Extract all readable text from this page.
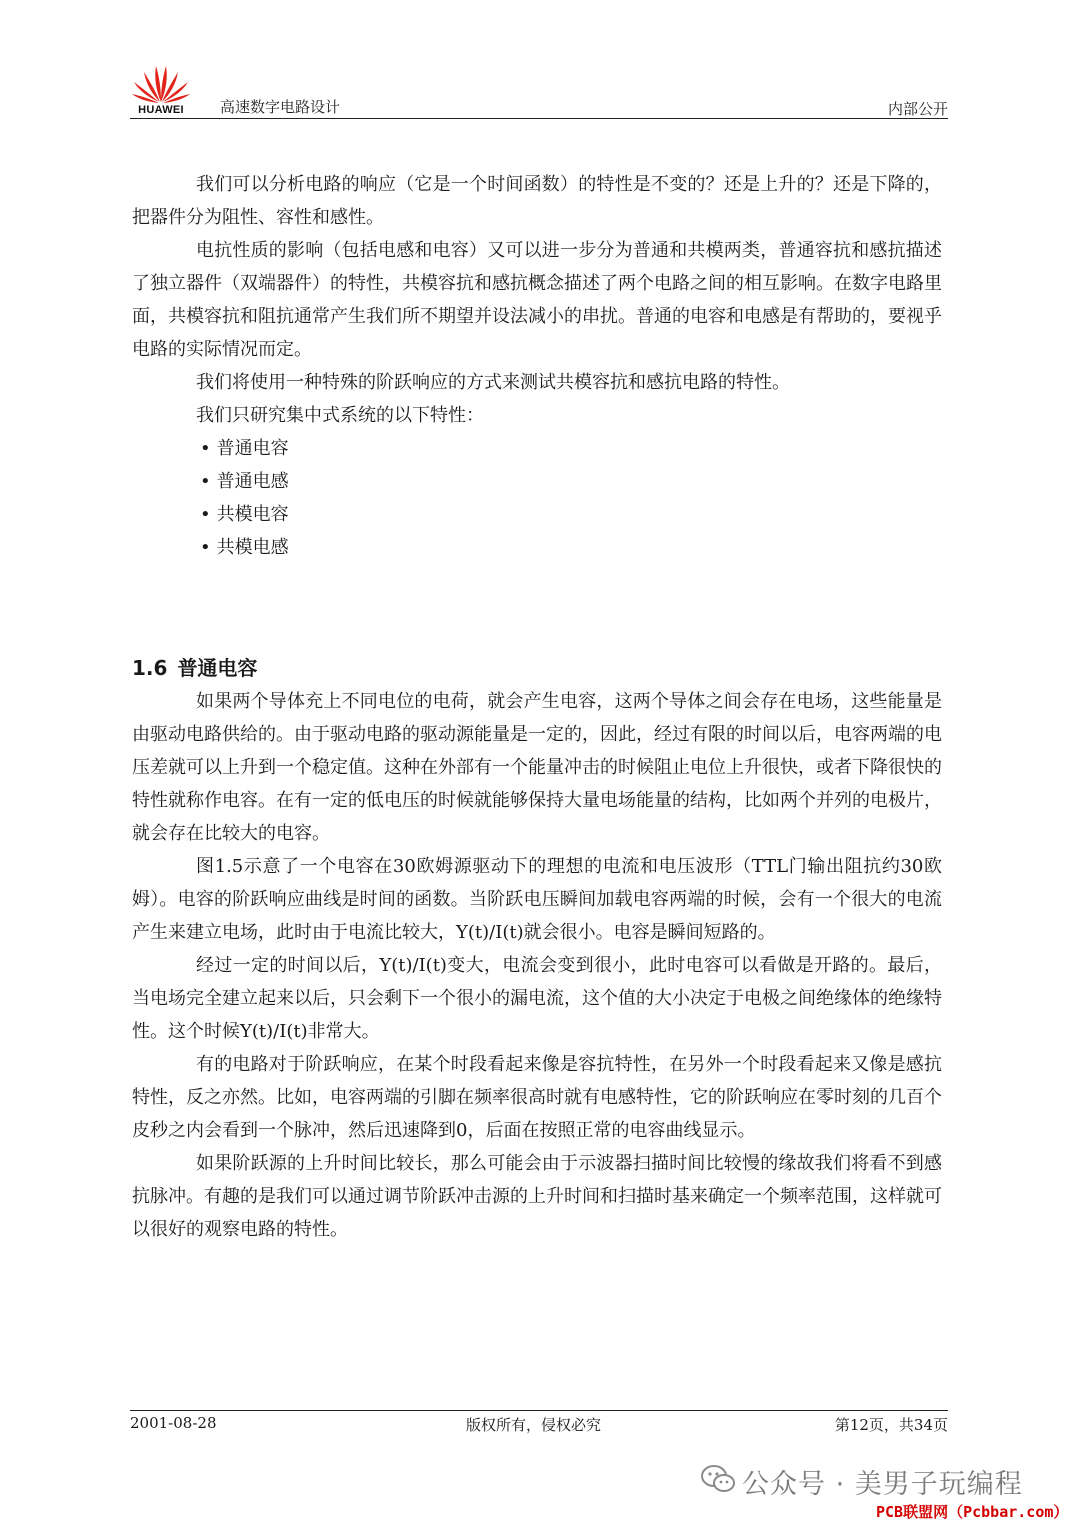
HUAWEI	高速数字电路设计	内部公开

我们可以分析电路的响应（它是一个时间函数）的特性是不变的？还是上升的？还是下降的，把器件分为阻性、容性和感性。

电抗性质的影响（包括电感和电容）又可以进一步分为普通和共模两类，普通容抗和感抗描述了独立器件（双端器件）的特性，共模容抗和感抗概念描述了两个电路之间的相互影响。在数字电路里面，共模容抗和阻抗通常产生我们所不期望并设法减小的串扰。普通的电容和电感是有帮助的，要视乎电路的实际情况而定。

我们将使用一种特殊的阶跃响应的方式来测试共模容抗和感抗电路的特性。

我们只研究集中式系统的以下特性：

• 普通电容
• 普通电感
• 共模电容
• 共模电感
1.6 普通电容

如果两个导体充上不同电位的电荷，就会产生电容，这两个导体之间会存在电场，这些能量是由驱动电路供给的。由于驱动电路的驱动源能量是一定的，因此，经过有限的时间以后，电容两端的电压差就可以上升到一个稳定值。这种在外部有一个能量冲击的时候阻止电位上升很快，或者下降很快的特性就称作电容。在有一定的低电压的时候就能够保持大量电场能量的结构，比如两个并列的电极片，就会存在比较大的电容。

图1.5示意了一个电容在30欧姆源驱动下的理想的电流和电压波形（TTL门输出阻抗约30欧姆）。电容的阶跃响应曲线是时间的函数。当阶跃电压瞬间加载电容两端的时候，会有一个很大的电流产生来建立电场，此时由于电流比较大，Y(t)/I(t)就会很小。电容是瞬间短路的。

经过一定的时间以后，Y(t)/I(t)变大，电流会变到很小，此时电容可以看做是开路的。最后，当电场完全建立起来以后，只会剩下一个很小的漏电流，这个值的大小决定于电极之间绝缘体的绝缘特性。这个时候Y(t)/I(t)非常大。

有的电路对于阶跃响应，在某个时段看起来像是容抗特性，在另外一个时段看起来又像是感抗特性，反之亦然。比如，电容两端的引脚在频率很高时就有电感特性，它的阶跃响应在零时刻的几百个皮秒之内会看到一个脉冲，然后迅速降到0，后面在按照正常的电容曲线显示。

如果阶跃源的上升时间比较长，那么可能会由于示波器扫描时间比较慢的缘故我们将看不到感抗脉冲。有趣的是我们可以通过调节阶跃冲击源的上升时间和扫描时基来确定一个频率范围，这样就可以很好的观察电路的特性。

2001-08-28	版权所有，侵权必究	第12页，共34页
公众号 · 美男子玩编程
PCB联盟网（Pcbbar.com）
